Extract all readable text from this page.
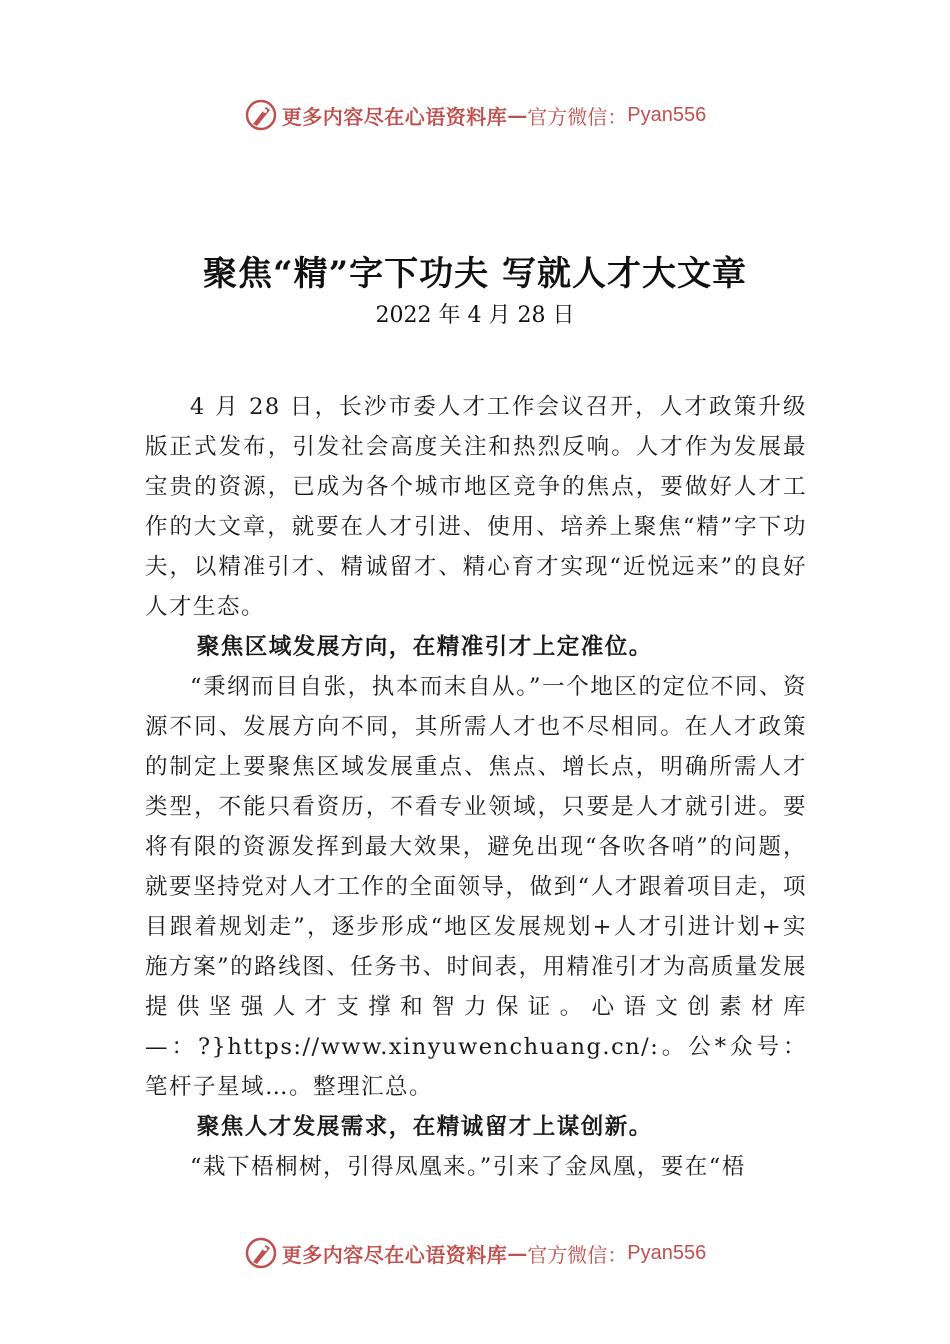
更多内容尽在心语资料库 — 官方微信： Pyan556
聚焦“精”字下功夫 写就人才大文章
2022 年 4 月 28 日

4 月 28 日，长沙市委人才工作会议召开，人才政策升级版正式发布，引发社会高度关注和热烈反响。人才作为发展最宝贵的资源，已成为各个城市地区竞争的焦点，要做好人才工作的大文章，就要在人才引进、使用、培养上聚焦“精”字下功夫，以精准引才、精诚留才、精心育才实现“近悦远来”的良好人才生态。

聚焦区域发展方向，在精准引才上定准位。

“秉纲而目自张，执本而末自从。”一个地区的定位不同、资源不同、发展方向不同，其所需人才也不尽相同。在人才政策的制定上要聚焦区域发展重点、焦点、增长点，明确所需人才类型，不能只看资历，不看专业领域，只要是人才就引进。要将有限的资源发挥到最大效果，避免出现“各吹各哨”的问题，就要坚持党对人才工作的全面领导，做到“人才跟着项目走，项目跟着规划走”，逐步形成“地区发展规划+人才引进计划+实施方案”的路线图、任务书、时间表，用精准引才为高质量发展提供坚强人才支撑和智力保证。心语文创素材库—：?}https://www.xinyuwenchuang.cn/:。公*众号：笔杆子星域…。整理汇总。

聚焦人才发展需求，在精诚留才上谋创新。

“栽下梧桐树，引得凤凰来。”引来了金凤凰，要在“梧

更多内容尽在心语资料库 — 官方微信： Pyan556
